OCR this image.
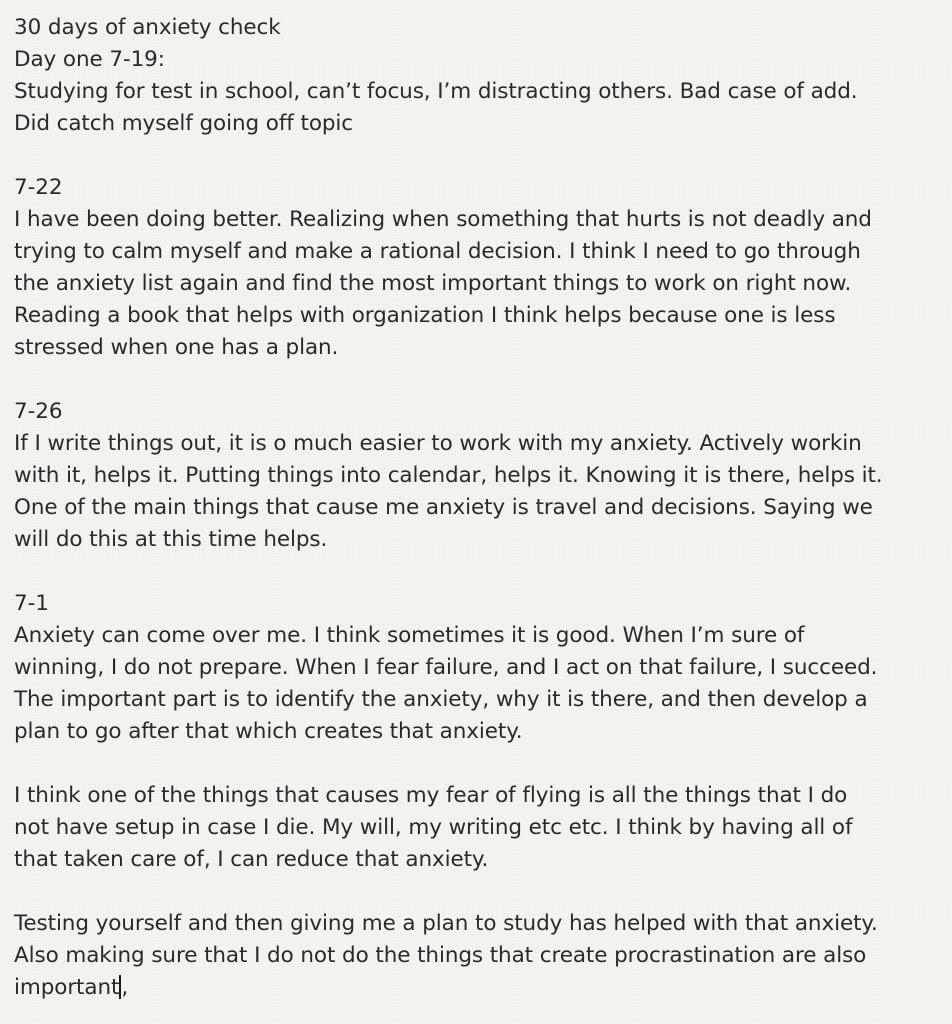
30 days of anxiety check
Day one 7-19:
Studying for test in school, can’t focus, I’m distracting others. Bad case of add.
Did catch myself going off topic
7-22
I have been doing better. Realizing when something that hurts is not deadly and
trying to calm myself and make a rational decision. I think I need to go through
the anxiety list again and find the most important things to work on right now.
Reading a book that helps with organization I think helps because one is less
stressed when one has a plan.
7-26
If I write things out, it is o much easier to work with my anxiety. Actively workin
with it, helps it. Putting things into calendar, helps it. Knowing it is there, helps it.
One of the main things that cause me anxiety is travel and decisions. Saying we
will do this at this time helps.
7-1
Anxiety can come over me. I think sometimes it is good. When I’m sure of
winning, I do not prepare. When I fear failure, and I act on that failure, I succeed.
The important part is to identify the anxiety, why it is there, and then develop a
plan to go after that which creates that anxiety.
I think one of the things that causes my fear of flying is all the things that I do
not have setup in case I die. My will, my writing etc etc. I think by having all of
that taken care of, I can reduce that anxiety.
Testing yourself and then giving me a plan to study has helped with that anxiety.
Also making sure that I do not do the things that create procrastination are also
important,
